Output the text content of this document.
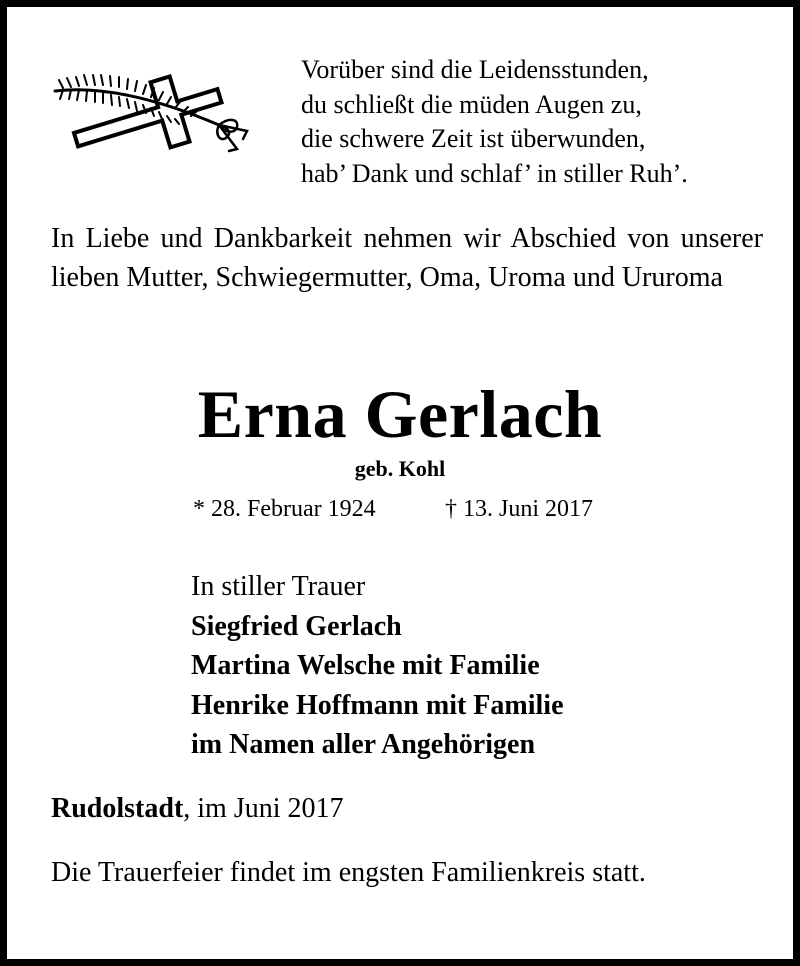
Vorüber sind die Leidensstunden,
du schließt die müden Augen zu,
die schwere Zeit ist überwunden,
hab’ Dank und schlaf’ in stiller Ruh’.
In Liebe und Dankbarkeit nehmen wir Abschied von unserer lieben Mutter, Schwiegermutter, Oma, Uroma und Ururoma
Erna Gerlach
geb. Kohl
* 28. Februar 1924	† 13. Juni 2017
In stiller Trauer
Siegfried Gerlach
Martina Welsche mit Familie
Henrike Hoffmann mit Familie
im Namen aller Angehörigen
Rudolstadt, im Juni 2017
Die Trauerfeier findet im engsten Familienkreis statt.
